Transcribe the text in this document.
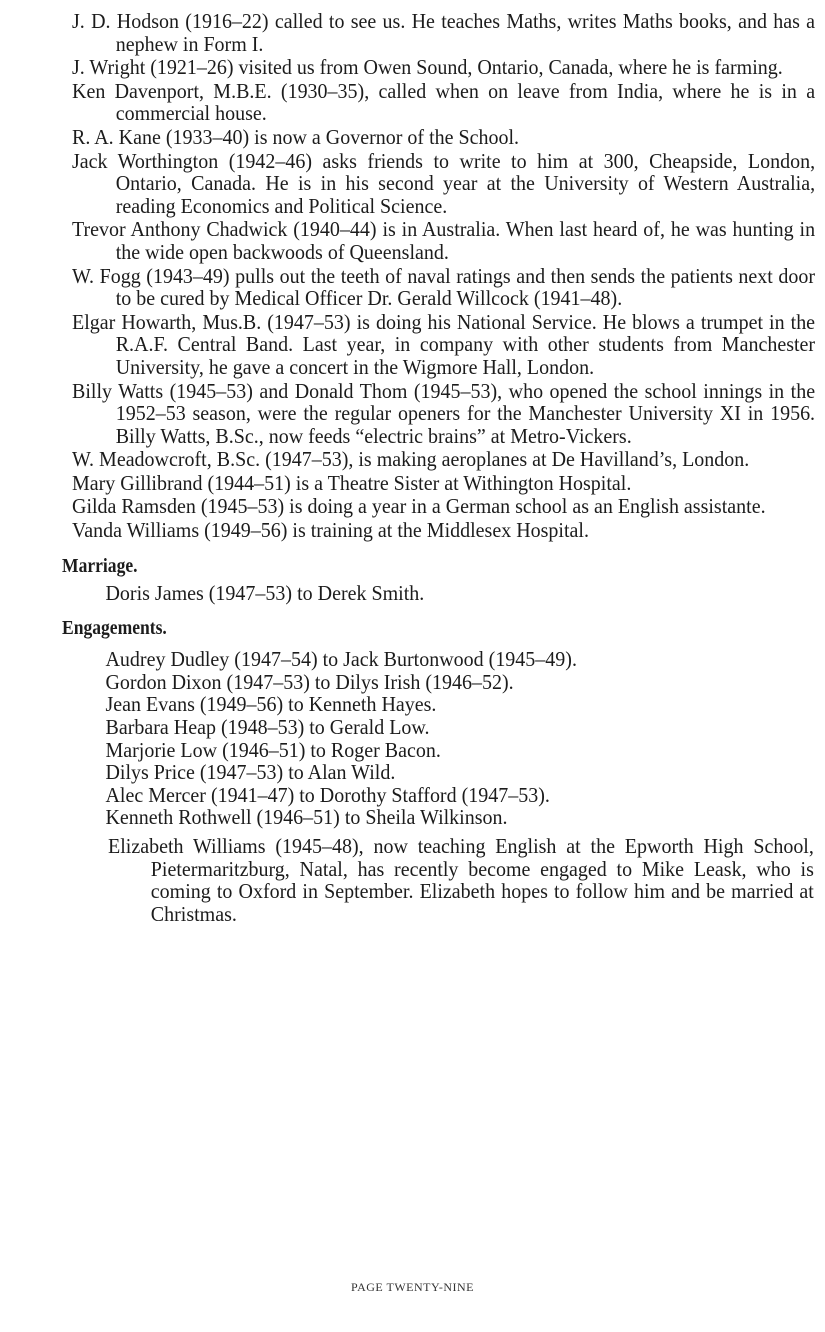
J. D. Hodson (1916–22) called to see us. He teaches Maths, writes Maths books, and has a nephew in Form I.

J. Wright (1921–26) visited us from Owen Sound, Ontario, Canada, where he is farming.

Ken Davenport, M.B.E. (1930–35), called when on leave from India, where he is in a commercial house.

R. A. Kane (1933–40) is now a Governor of the School.

Jack Worthington (1942–46) asks friends to write to him at 300, Cheapside, London, Ontario, Canada. He is in his second year at the University of Western Australia, reading Economics and Political Science.

Trevor Anthony Chadwick (1940–44) is in Australia. When last heard of, he was hunting in the wide open backwoods of Queensland.

W. Fogg (1943–49) pulls out the teeth of naval ratings and then sends the patients next door to be cured by Medical Officer Dr. Gerald Willcock (1941–48).

Elgar Howarth, Mus.B. (1947–53) is doing his National Service. He blows a trumpet in the R.A.F. Central Band. Last year, in company with other students from Manchester University, he gave a concert in the Wigmore Hall, London.

Billy Watts (1945–53) and Donald Thom (1945–53), who opened the school innings in the 1952–53 season, were the regular openers for the Manchester University XI in 1956. Billy Watts, B.Sc., now feeds “electric brains” at Metro-Vickers.

W. Meadowcroft, B.Sc. (1947–53), is making aeroplanes at De Havilland’s, London.

Mary Gillibrand (1944–51) is a Theatre Sister at Withington Hospital.

Gilda Ramsden (1945–53) is doing a year in a German school as an English assistante.

Vanda Williams (1949–56) is training at the Middlesex Hospital.

Marriage.

Doris James (1947–53) to Derek Smith.

Engagements.

Audrey Dudley (1947–54) to Jack Burtonwood (1945–49).

Gordon Dixon (1947–53) to Dilys Irish (1946–52).

Jean Evans (1949–56) to Kenneth Hayes.

Barbara Heap (1948–53) to Gerald Low.

Marjorie Low (1946–51) to Roger Bacon.

Dilys Price (1947–53) to Alan Wild.

Alec Mercer (1941–47) to Dorothy Stafford (1947–53).

Kenneth Rothwell (1946–51) to Sheila Wilkinson.

Elizabeth Williams (1945–48), now teaching English at the Epworth High School, Pietermaritzburg, Natal, has recently become engaged to Mike Leask, who is coming to Oxford in September. Elizabeth hopes to follow him and be married at Christmas.

PAGE TWENTY-NINE
